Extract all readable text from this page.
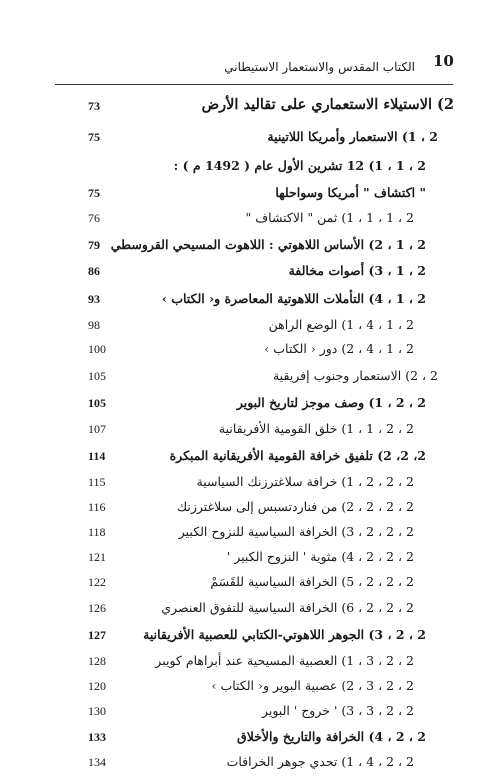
10
الكتاب المقدس والاستعمار الاستيطاني
73	2) الاستيلاء الاستعماري على تقاليد الأرض
75	2 ، 1) الاستعمار وأمريكا اللاتينية
2 ، 1 ، 1) 12 تشرين الأول عام ( 1492 م ) :
75	" اكتشاف " أمريكا وسواحلها
76	2 ، 1 ، 1 ، 1) ثمن " الاكتشاف "
79 2 ، 1 ، 2) الأساس اللاهوتي : اللاهوت المسيحي القروسطي
86	2 ، 1 ، 3) أصوات مخالفة
93	2 ، 1 ، 4) التأملات اللاهوتية المعاصرة و‹ الكتاب ›
98	2 ، 1 ، 4 ، 1) الوضع الراهن
100	2 ، 1 ، 4 ، 2) دور ‹ الكتاب ›
105	2 ، 2) الاستعمار وجنوب إفريقية
105	2 ، 2 ، 1) وصف موجز لتاريخ البوير
107	2 ، 2 ، 1 ، 1) خلق القومية الأفريقانية
114	2، 2، 2) تلفيق خرافة القومية الأفريقانية المبكرة
115	2 ، 2 ، 2 ، 1) خرافة سلاغترزنك السياسية
116	2 ، 2 ، 2 ، 2) من فناردتسبس إلى سلاغترزنك
118	2 ، 2 ، 2 ، 3) الخرافة السياسية للنزوح الكبير
121	2 ، 2 ، 2 ، 4) مثوية ' النزوح الكبير '
122	2 ، 2 ، 2 ، 5) الخرافة السياسية للقَسَمْ
126	2 ، 2 ، 2 ، 6) الخرافة السياسية للتفوق العنصري
127	2 ، 2 ، 3) الجوهر اللاهوتي-الكتابي للعصبية الأفريقانية
128	2 ، 2 ، 3 ، 1) العصبية المسيحية عند أبراهام كويبر
120	2 ، 2 ، 3 ، 2) عصبية البوير و‹ الكتاب ›
130	2 ، 2 ، 3 ، 3) ' خروج ' البوير
133	2 ، 2 ، 4) الخرافة والتاريخ والأخلاق
134	2 ، 2 ، 4 ، 1) تحدي جوهر الخرافات
